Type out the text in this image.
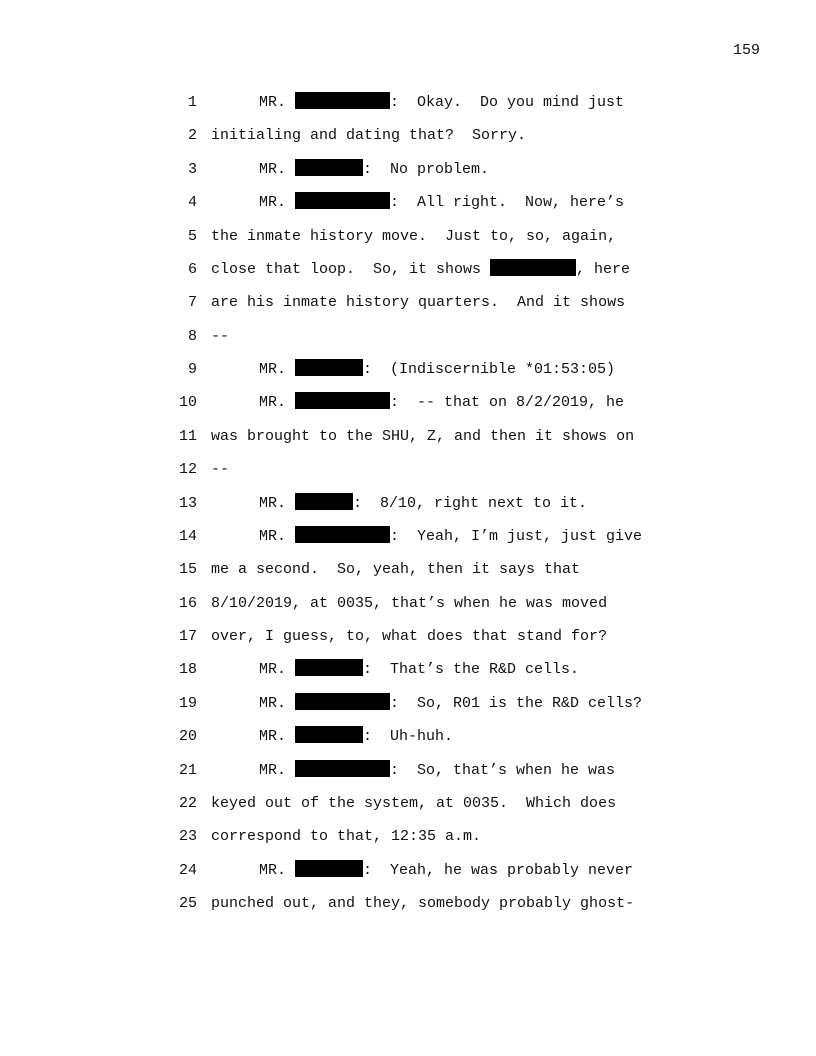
159
1	MR.	:  Okay.  Do you mind just
2 initialing and dating that?  Sorry.
3	MR.	:  No problem.
4	MR.	:  All right.  Now, here’s
5 the inmate history move.  Just to, so, again,
6 close that loop.  So, it shows	, here
7 are his inmate history quarters.  And it shows
8 --
9	MR.	:  (Indiscernible *01:53:05)
10	MR.	:  -- that on 8/2/2019, he
11 was brought to the SHU, Z, and then it shows on
12 --
13	MR.	:  8/10, right next to it.
14	MR.	:  Yeah, I’m just, just give
15 me a second.  So, yeah, then it says that
16 8/10/2019, at 0035, that’s when he was moved
17 over, I guess, to, what does that stand for?
18	MR.	:  That’s the R&D cells.
19	MR.	:  So, R01 is the R&D cells?
20	MR.	:  Uh-huh.
21	MR.	:  So, that’s when he was
22 keyed out of the system, at 0035.  Which does
23 correspond to that, 12:35 a.m.
24	MR.	:  Yeah, he was probably never
25 punched out, and they, somebody probably ghost-
